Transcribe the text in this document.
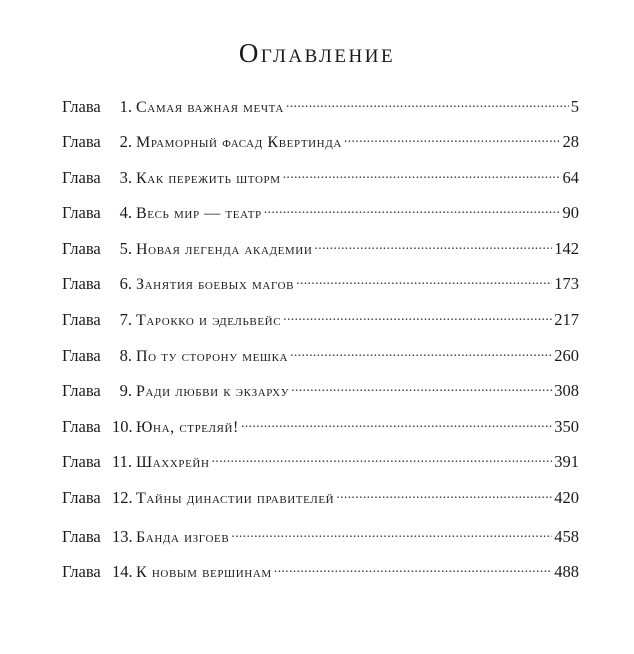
Оглавление
Глава	1. Самая важная мечта . . .	5
Глава	2. Мраморный фасад Квертинда . . .	28
Глава	3. Как пережить шторм . . .	64
Глава	4. Весь мир — театр . . .	90
Глава	5. Новая легенда академии . . .	142
Глава	6. Занятия боевых магов . . .	173
Глава	7. Тарокко и эдельвейс . . .	217
Глава	8. По ту сторону мешка . . .	260
Глава	9. Ради любви к экзарху . . .	308
Глава 10. Юна, стреляй! . . .	350
Глава 11. Шаххрейн . . .	391
Глава 12. Тайны династии правителей . . .	420
Глава 13. Банда изгоев . . .	458
Глава 14. К новым вершинам . . .	488
